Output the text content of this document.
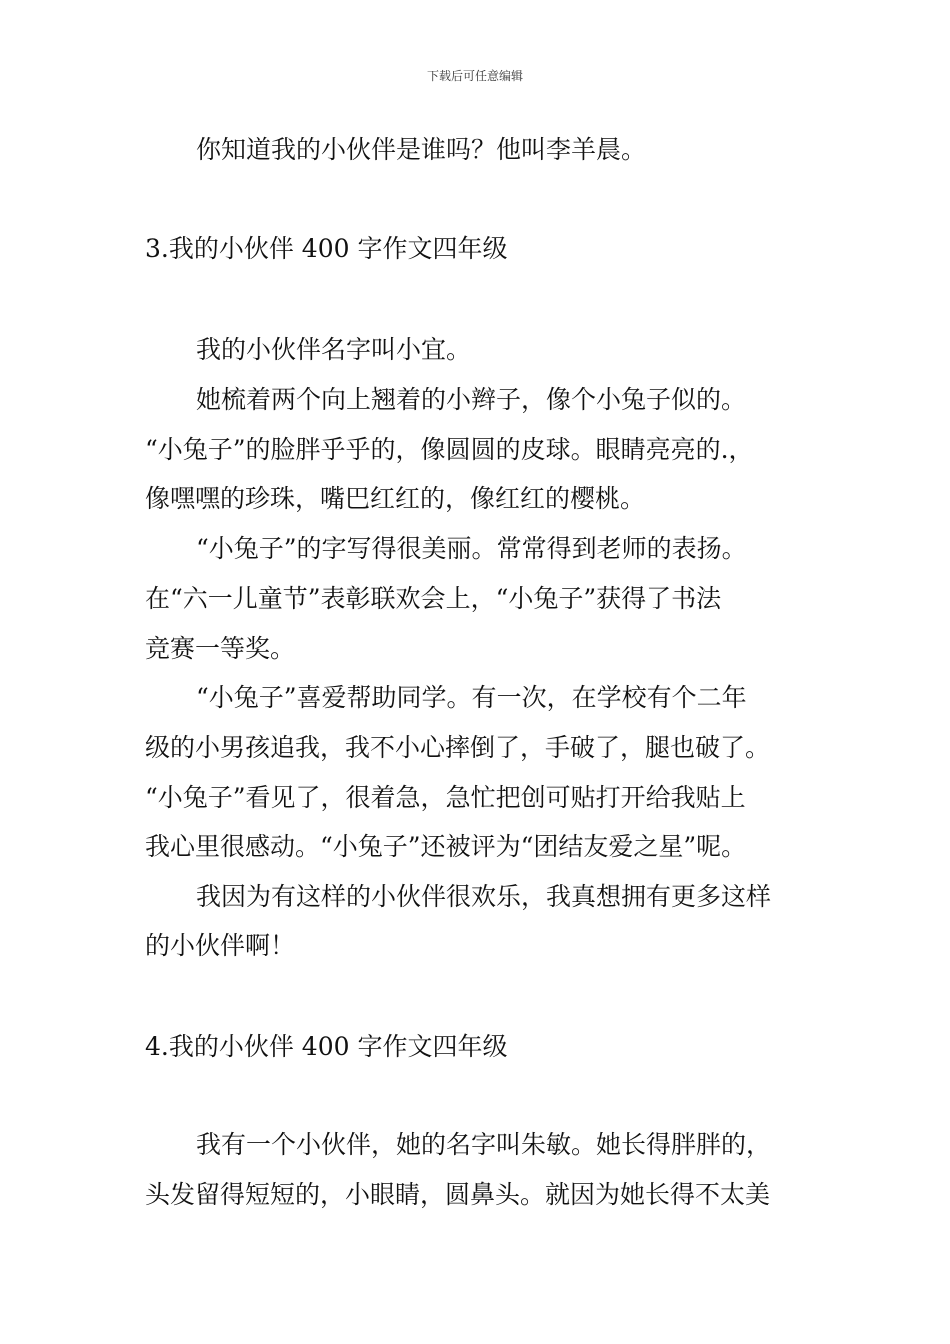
下载后可任意编辑
你知道我的小伙伴是谁吗？他叫李羊晨。
3.我的小伙伴 400 字作文四年级
我的小伙伴名字叫小宜。
她梳着两个向上翘着的小辫子，像个小兔子似的。
“小兔子”的脸胖乎乎的，像圆圆的皮球。眼睛亮亮的.，
像嘿嘿的珍珠，嘴巴红红的，像红红的樱桃。
“小兔子”的字写得很美丽。常常得到老师的表扬。
在“六一儿童节”表彰联欢会上，“小兔子”获得了书法
竞赛一等奖。
“小兔子”喜爱帮助同学。有一次，在学校有个二年
级的小男孩追我，我不小心摔倒了，手破了，腿也破了。
“小兔子”看见了，很着急，急忙把创可贴打开给我贴上
我心里很感动。“小兔子”还被评为“团结友爱之星”呢。
我因为有这样的小伙伴很欢乐，我真想拥有更多这样
的小伙伴啊！
4.我的小伙伴 400 字作文四年级
我有一个小伙伴，她的名字叫朱敏。她长得胖胖的，
头发留得短短的，小眼睛，圆鼻头。就因为她长得不太美
